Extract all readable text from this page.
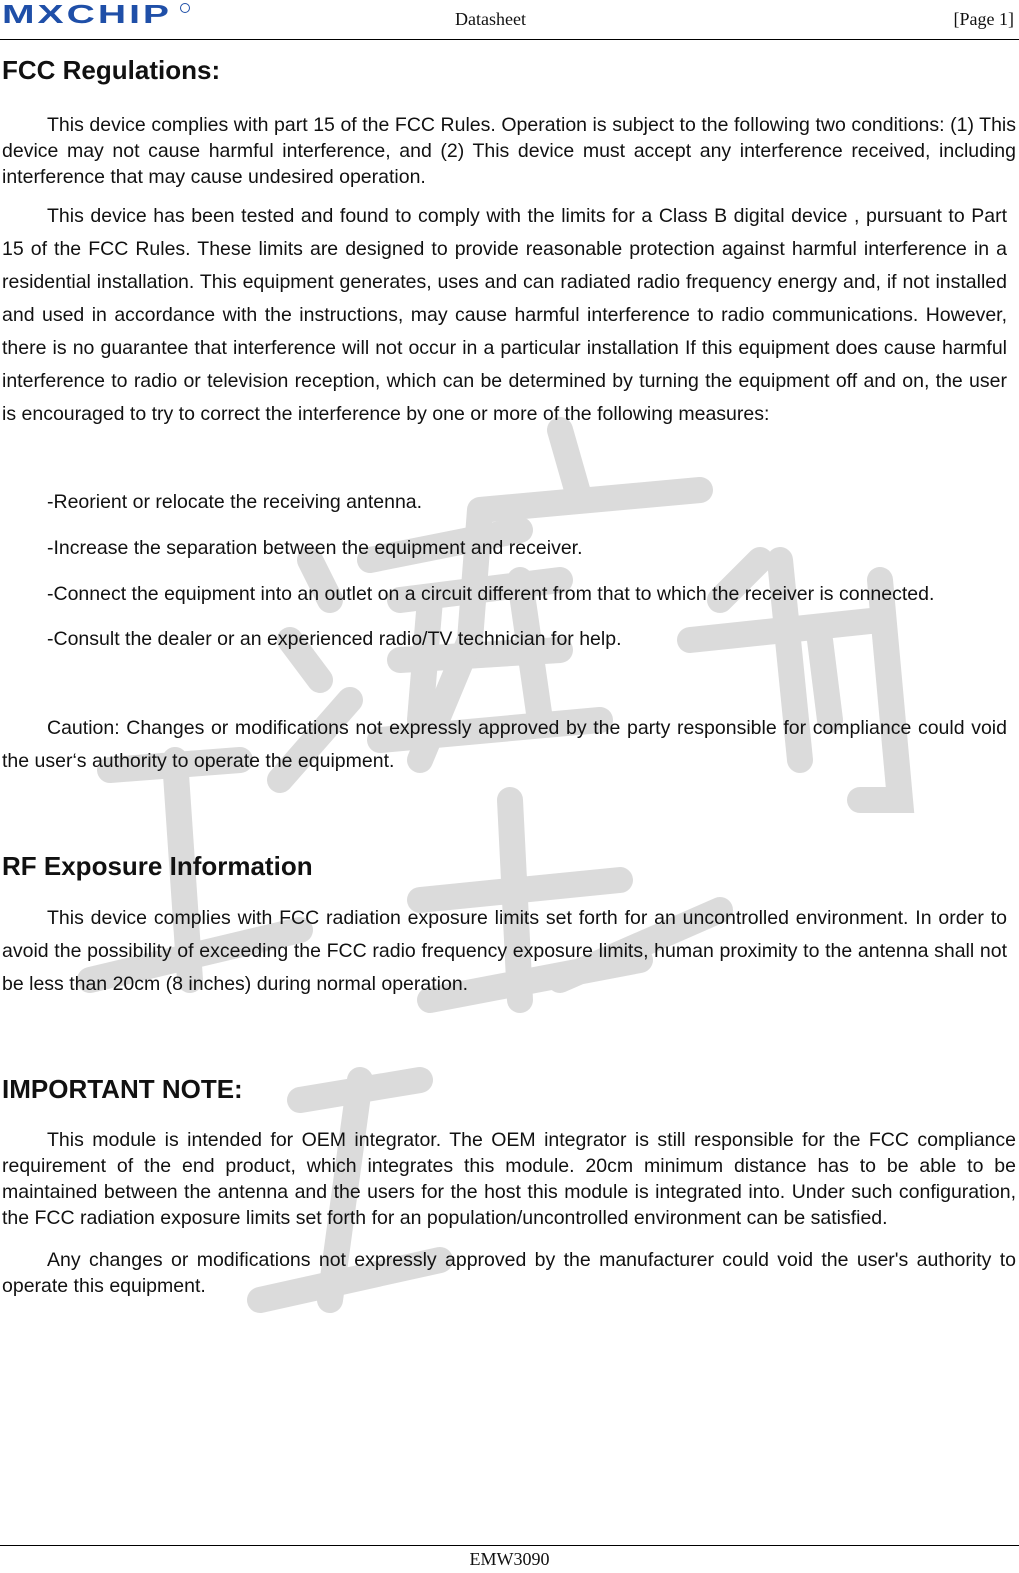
MXCHIP	Datasheet	[Page 1]
FCC Regulations:

This device complies with part 15 of the FCC Rules. Operation is subject to the following two conditions: (1) This device may not cause harmful interference, and (2) This device must accept any interference received, including interference that may cause undesired operation.

This device has been tested and found to comply with the limits for a Class B digital device , pursuant to Part 15 of the FCC Rules. These limits are designed to provide reasonable protection against harmful interference in a residential installation. This equipment generates, uses and can radiated radio frequency energy and, if not installed and used in accordance with the instructions, may cause harmful interference to radio communications. However, there is no guarantee that interference will not occur in a particular installation If this equipment does cause harmful interference to radio or television reception, which can be determined by turning the equipment off and on, the user is encouraged to try to correct the interference by one or more of the following measures:

-Reorient or relocate the receiving antenna.

-Increase the separation between the equipment and receiver.

-Connect the equipment into an outlet on a circuit different from that to which the receiver is connected.

-Consult the dealer or an experienced radio/TV technician for help.

Caution: Changes or modifications not expressly approved by the party responsible for compliance could void the user‘s authority to operate the equipment.

RF Exposure Information

This device complies with FCC radiation exposure limits set forth for an uncontrolled environment. In order to avoid the possibility of exceeding the FCC radio frequency exposure limits, human proximity to the antenna shall not be less than 20cm (8 inches) during normal operation.

IMPORTANT NOTE:

This module is intended for OEM integrator. The OEM integrator is still responsible for the FCC compliance requirement of the end product, which integrates this module. 20cm minimum distance has to be able to be maintained between the antenna and the users for the host this module is integrated into. Under such configuration, the FCC radiation exposure limits set forth for an population/uncontrolled environment can be satisfied.

Any changes or modifications not expressly approved by the manufacturer could void the user's authority to operate this equipment.

EMW3090
